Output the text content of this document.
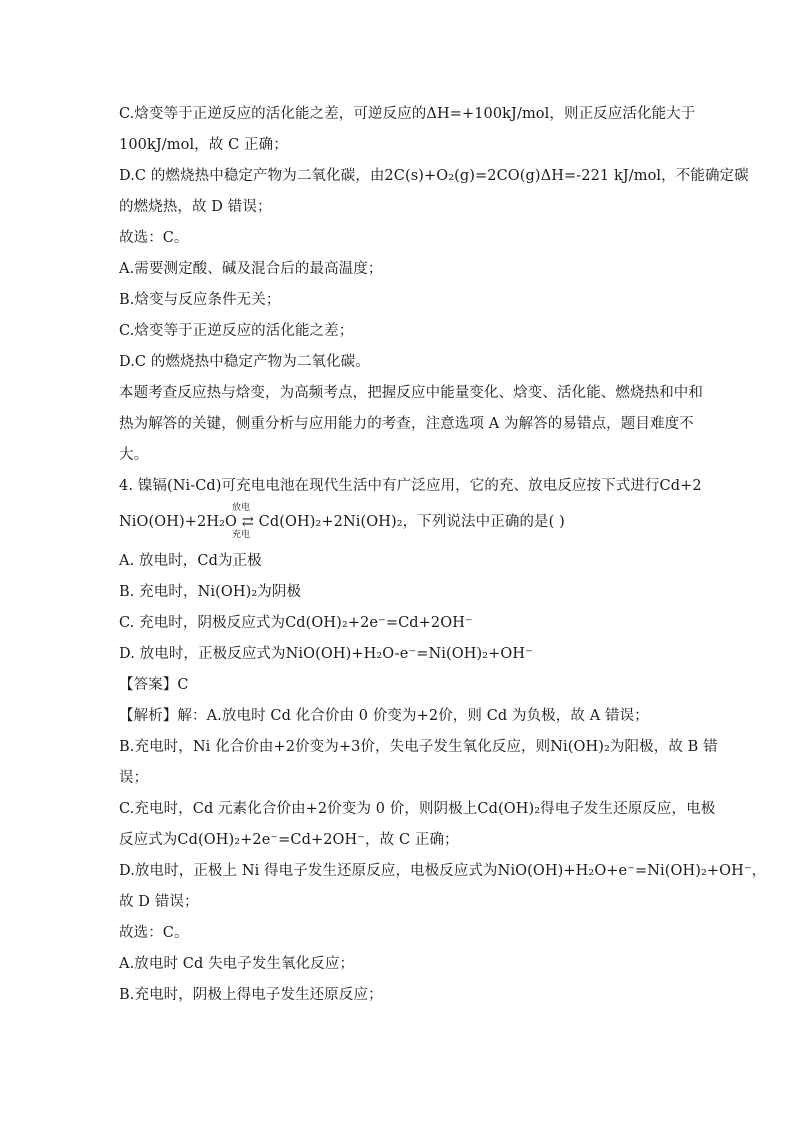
C.焓变等于正逆反应的活化能之差，可逆反应的ΔH=+100kJ/mol，则正反应活化能大于
100kJ/mol，故 C 正确；
D.C 的燃烧热中稳定产物为二氧化碳，由2C(s)+O₂(g)=2CO(g)ΔH=-221 kJ/mol，不能确定碳
的燃烧热，故 D 错误；
故选：C。
A.需要测定酸、碱及混合后的最高温度；
B.焓变与反应条件无关；
C.焓变等于正逆反应的活化能之差；
D.C 的燃烧热中稳定产物为二氧化碳。
本题考查反应热与焓变，为高频考点，把握反应中能量变化、焓变、活化能、燃烧热和中和
热为解答的关键，侧重分析与应用能力的考查，注意选项 A 为解答的易错点，题目难度不
大。
4. 镍镉(Ni-Cd)可充电电池在现代生活中有广泛应用，它的充、放电反应按下式进行Cd+2
NiO(OH)+2H₂O ⇄ Cd(OH)₂+2Ni(OH)₂，下列说法中正确的是( )
放电
充电
A. 放电时，Cd为正极
B. 充电时，Ni(OH)₂为阴极
C. 充电时，阴极反应式为Cd(OH)₂+2e⁻=Cd+2OH⁻
D. 放电时，正极反应式为NiO(OH)+H₂O-e⁻=Ni(OH)₂+OH⁻
【答案】C
【解析】解：A.放电时 Cd 化合价由 0 价变为+2价，则 Cd 为负极，故 A 错误；
B.充电时，Ni 化合价由+2价变为+3价，失电子发生氧化反应，则Ni(OH)₂为阳极，故 B 错
误；
C.充电时，Cd 元素化合价由+2价变为 0 价，则阴极上Cd(OH)₂得电子发生还原反应，电极
反应式为Cd(OH)₂+2e⁻=Cd+2OH⁻，故 C 正确；
D.放电时，正极上 Ni 得电子发生还原反应，电极反应式为NiO(OH)+H₂O+e⁻=Ni(OH)₂+OH⁻，
故 D 错误；
故选：C。
A.放电时 Cd 失电子发生氧化反应；
B.充电时，阴极上得电子发生还原反应；
